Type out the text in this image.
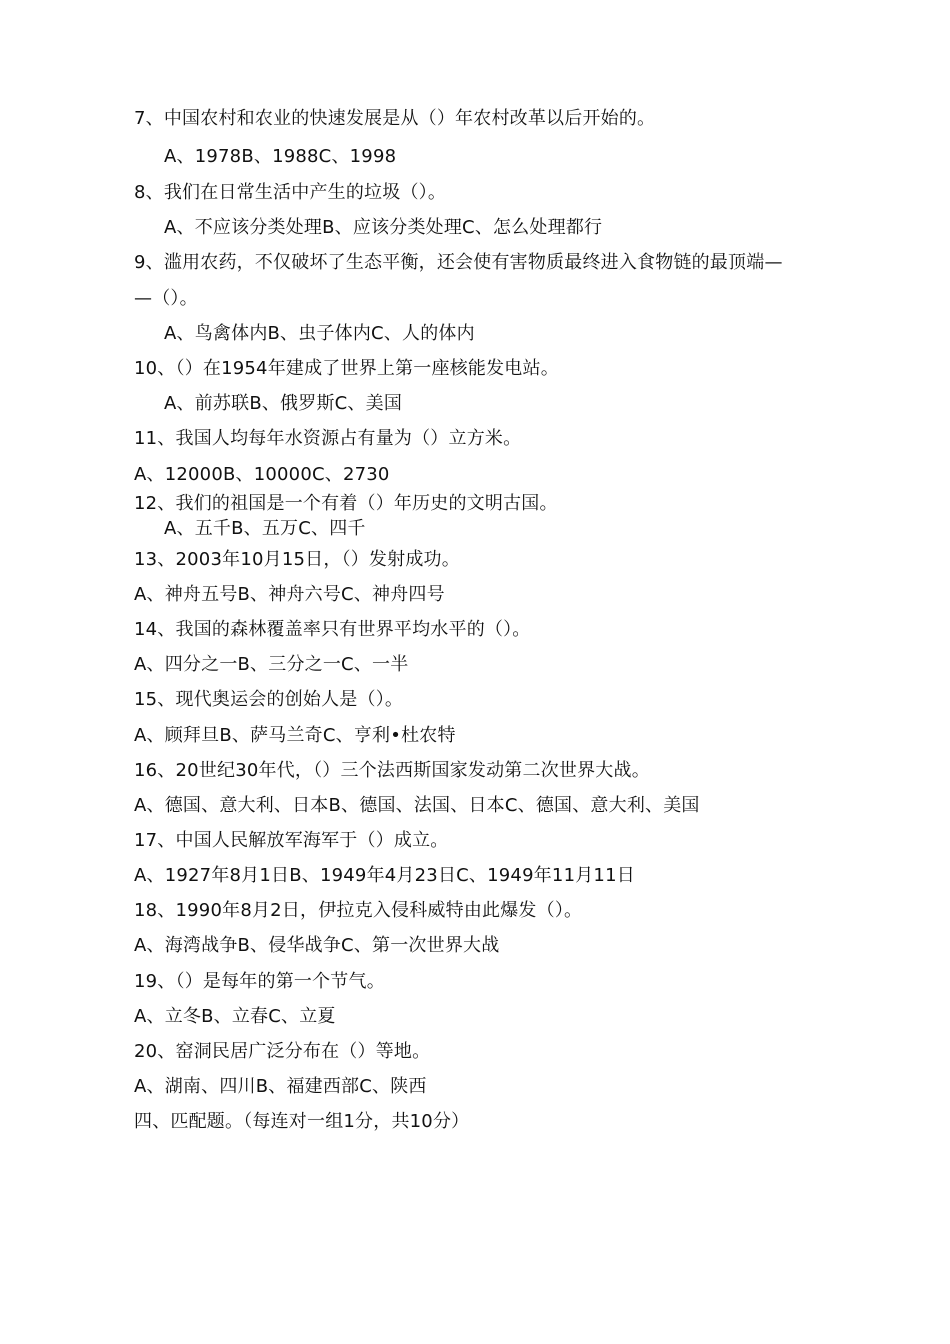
7、中国农村和农业的快速发展是从（）年农村改革以后开始的。
A、1978B、1988C、1998
8、我们在日常生活中产生的垃圾（）。
A、不应该分类处理B、应该分类处理C、怎么处理都行
9、滥用农药，不仅破坏了生态平衡，还会使有害物质最终进入食物链的最顶端—
—（）。
A、鸟禽体内B、虫子体内C、人的体内
10、（）在1954年建成了世界上第一座核能发电站。
A、前苏联B、俄罗斯C、美国
11、我国人均每年水资源占有量为（）立方米。
A、12000B、10000C、2730
12、我们的祖国是一个有着（）年历史的文明古国。
A、五千B、五万C、四千
13、2003年10月15日，（）发射成功。
A、神舟五号B、神舟六号C、神舟四号
14、我国的森林覆盖率只有世界平均水平的（）。
A、四分之一B、三分之一C、一半
15、现代奥运会的创始人是（）。
A、顾拜旦B、萨马兰奇C、亨利•杜农特
16、20世纪30年代，（）三个法西斯国家发动第二次世界大战。
A、德国、意大利、日本B、德国、法国、日本C、德国、意大利、美国
17、中国人民解放军海军于（）成立。
A、1927年8月1日B、1949年4月23日C、1949年11月11日
18、1990年8月2日，伊拉克入侵科威特由此爆发（）。
A、海湾战争B、侵华战争C、第一次世界大战
19、（）是每年的第一个节气。
A、立冬B、立春C、立夏
20、窑洞民居广泛分布在（）等地。
A、湖南、四川B、福建西部C、陕西
四、匹配题。（每连对一组1分，共10分）
